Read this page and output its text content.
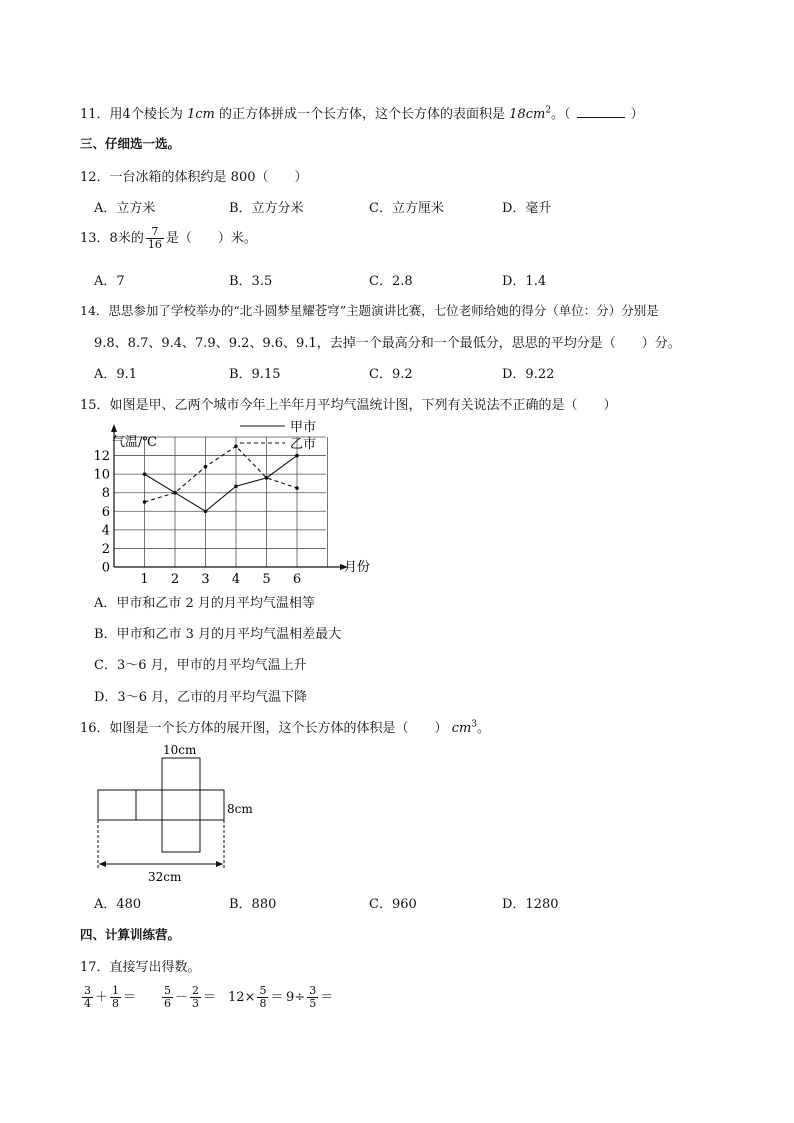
11．用4个棱长为 1cm 的正方体拼成一个长方体，这个长方体的表面积是 $18cm^2$。（	）
三、仔细选一选。
12．一台冰箱的体积约是 800（　　）
A．立方米	B．立方分米	C．立方厘米	D．毫升
13．8米的 $\frac{7}{16}$ 是（　　）米。
A．7	B．3.5	C．2.8	D．1.4
14．思思参加了学校举办的“北斗圆梦星耀苍穹”主题演讲比赛，七位老师给她的得分（单位：分）分别是
9.8、8.7、9.4、7.9、9.2、9.6、9.1，去掉一个最高分和一个最低分，思思的平均分是（　　）分。
A．9.1	B．9.15	C．9.2	D．9.22
15．如图是甲、乙两个城市今年上半年月平均气温统计图，下列有关说法不正确的是（　　）
0
2
4
6
8
10
12
1 2 3 4 5 6
甲市
乙市
气温/℃
月份
A．甲市和乙市 2 月的月平均气温相等
B．甲市和乙市 3 月的月平均气温相差最大
C．3～6 月，甲市的月平均气温上升
D．3～6 月，乙市的月平均气温下降
16．如图是一个长方体的展开图，这个长方体的体积是（　　） $cm^3$。
10cm
8cm
32cm
A．480	B．880	C．960	D．1280
四、计算训练营。
17．直接写出得数。
$\frac{3}{4} + \frac{1}{8} = \frac{5}{6} - \frac{2}{3} = 12\times \frac{5}{8} = 9\div \frac{3}{5}$ ＝
